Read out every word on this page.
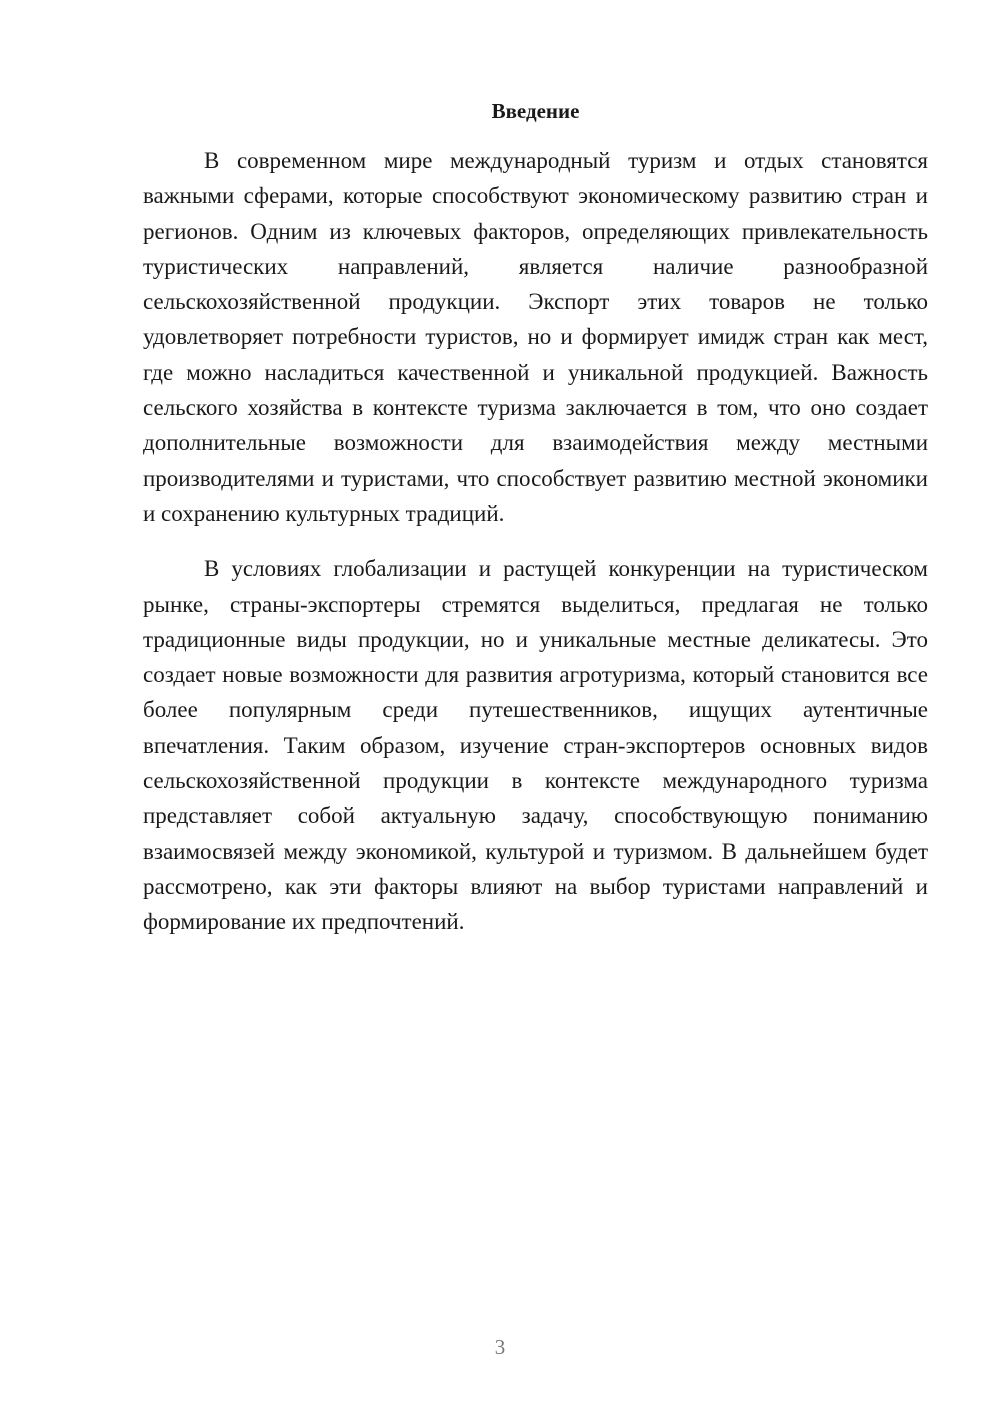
Введение

В современном мире международный туризм и отдых становятся важными сферами, которые способствуют экономическому развитию стран и регионов. Одним из ключевых факторов, определяющих привлекательность туристических направлений, является наличие разнообразной сельскохозяйственной продукции. Экспорт этих товаров не только удовлетворяет потребности туристов, но и формирует имидж стран как мест, где можно насладиться качественной и уникальной продукцией. Важность сельского хозяйства в контексте туризма заключается в том, что оно создает дополнительные возможности для взаимодействия между местными производителями и туристами, что способствует развитию местной экономики и сохранению культурных традиций.

В условиях глобализации и растущей конкуренции на туристическом рынке, страны-экспортеры стремятся выделиться, предлагая не только традиционные виды продукции, но и уникальные местные деликатесы. Это создает новые возможности для развития агротуризма, который становится все более популярным среди путешественников, ищущих аутентичные впечатления. Таким образом, изучение стран-экспортеров основных видов сельскохозяйственной продукции в контексте международного туризма представляет собой актуальную задачу, способствующую пониманию взаимосвязей между экономикой, культурой и туризмом. В дальнейшем будет рассмотрено, как эти факторы влияют на выбор туристами направлений и формирование их предпочтений.

3
